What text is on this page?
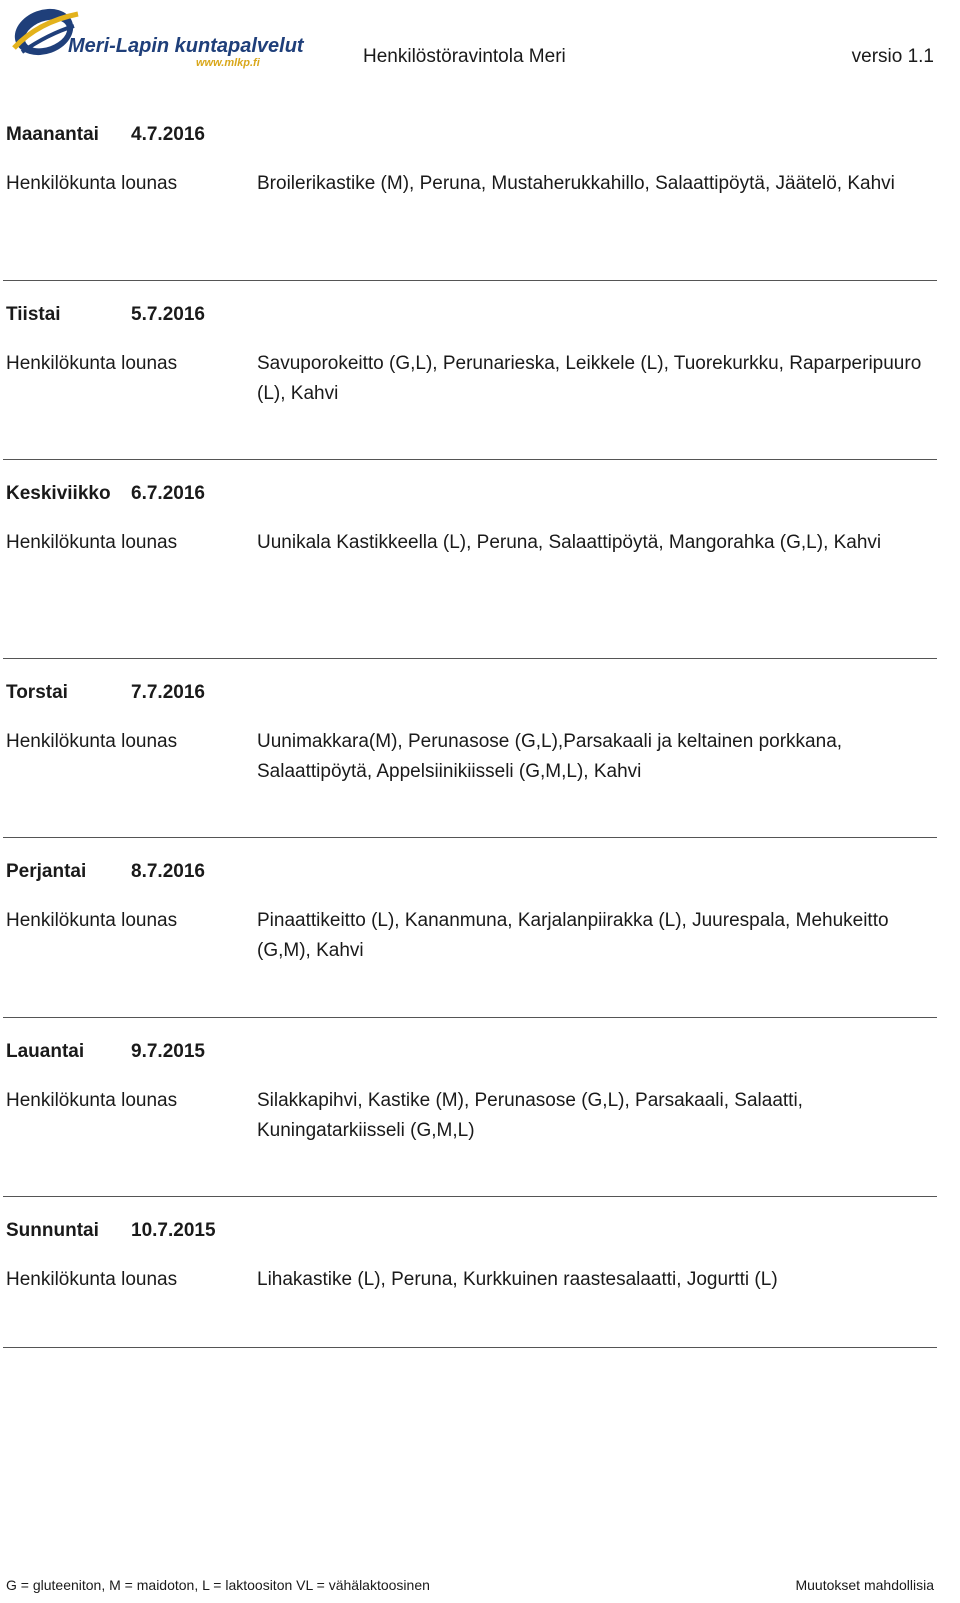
Meri-Lapin kuntapalvelut
www.mlkp.fi	Henkilöstöravintola Meri	versio 1.1
Maanantai 4.7.2016
Henkilökunta lounas	Broilerikastike (M), Peruna, Mustaherukkahillo, Salaattipöytä, Jäätelö, Kahvi
Tiistai	5.7.2016
Henkilökunta lounas	Savuporokeitto (G,L), Perunarieska, Leikkele (L), Tuorekurkku, Raparperipuuro (L), Kahvi
Keskiviikko 6.7.2016
Henkilökunta lounas	Uunikala Kastikkeella (L), Peruna, Salaattipöytä, Mangorahka (G,L), Kahvi
Torstai	7.7.2016
Henkilökunta lounas	Uunimakkara(M), Perunasose (G,L),Parsakaali ja keltainen porkkana, Salaattipöytä, Appelsiinikiisseli (G,M,L), Kahvi
Perjantai 8.7.2016
Henkilökunta lounas	Pinaattikeitto (L), Kananmuna, Karjalanpiirakka (L), Juurespala, Mehukeitto (G,M), Kahvi
Lauantai 9.7.2015
Henkilökunta lounas	Silakkapihvi, Kastike (M), Perunasose (G,L), Parsakaali, Salaatti, Kuningatarkiisseli (G,M,L)
Sunnuntai 10.7.2015
Henkilökunta lounas	Lihakastike (L), Peruna, Kurkkuinen raastesalaatti, Jogurtti (L)
G = gluteeniton, M = maidoton, L = laktoositon VL = vähälaktoosinen	Muutokset mahdollisia
